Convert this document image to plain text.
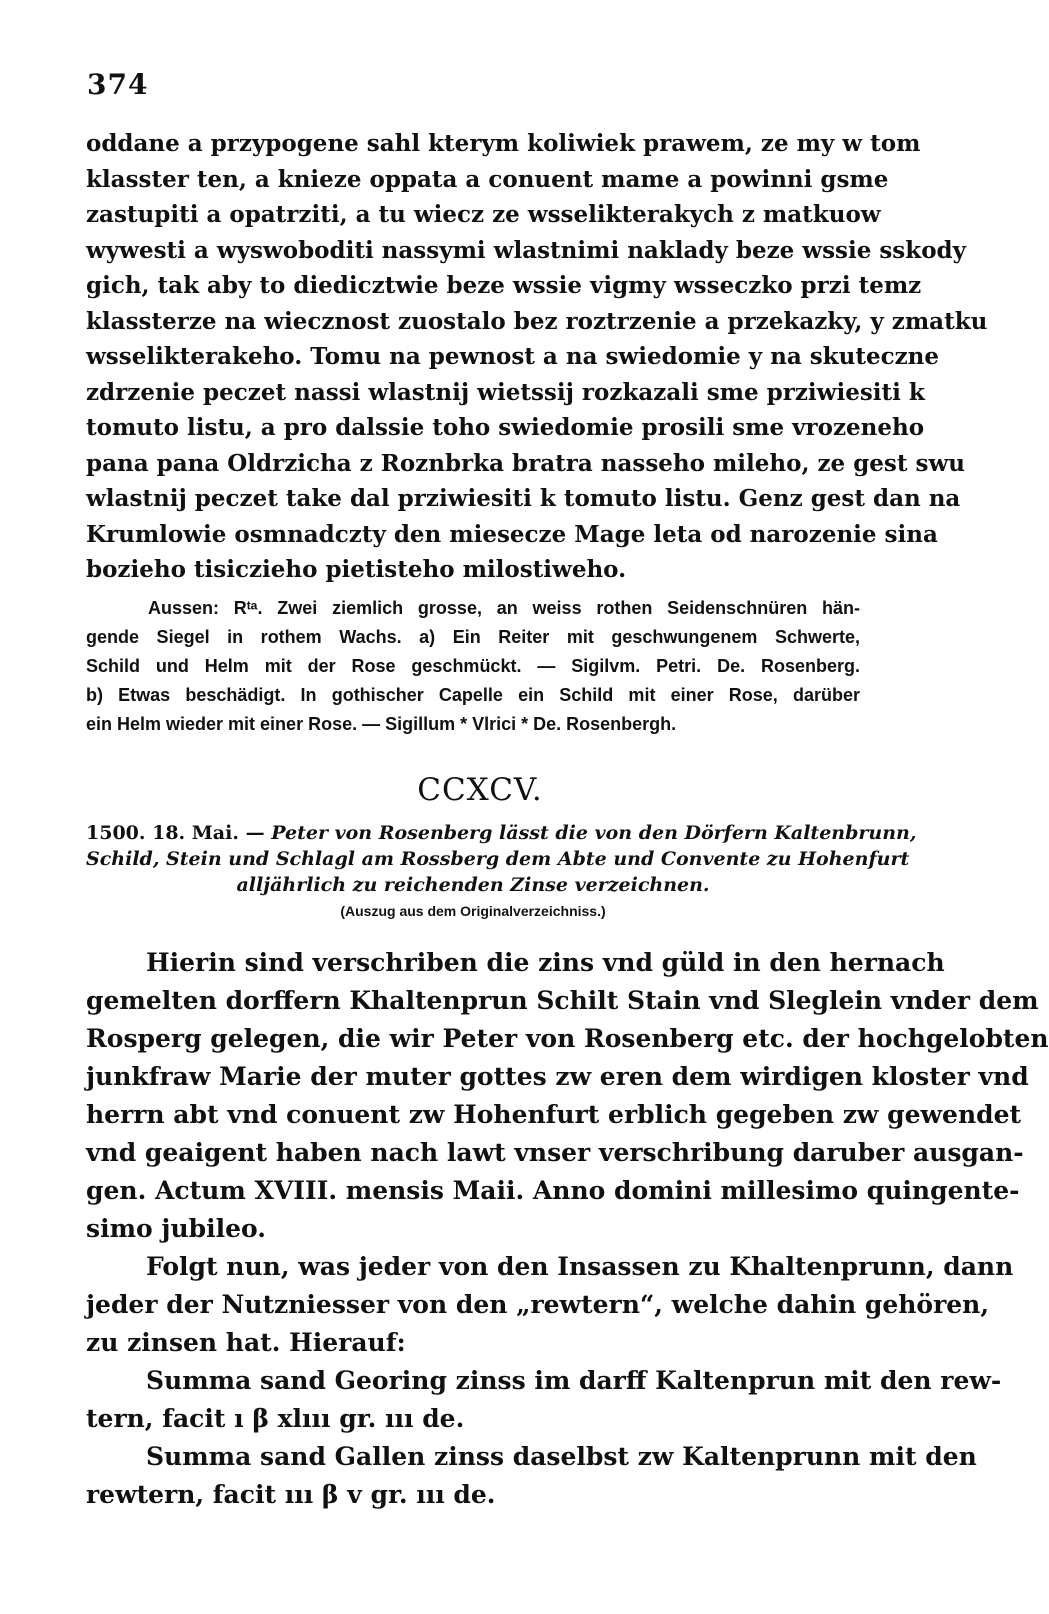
374
oddane a przypogene sahl kterym koliwiek prawem, ze my w tom
klasster ten, a knieze oppata a conuent mame a powinni gsme
zastupiti a opatrziti, a tu wiecz ze wsselikterakych z matkuow
wywesti a wyswoboditi nassymi wlastnimi naklady beze wssie sskody
gich, tak aby to diedicztwie beze wssie vigmy wsseczko przi temz
klassterze na wiecznost zuostalo bez roztrzenie a przekazky, y zmatku
wsselikterakeho. Tomu na pewnost a na swiedomie y na skuteczne
zdrzenie peczet nassi wlastnij wietssij rozkazali sme prziwiesiti k
tomuto listu, a pro dalssie toho swiedomie prosili sme vrozeneho
pana pana Oldrzicha z Roznbrka bratra nasseho mileho, ze gest swu
wlastnij peczet take dal prziwiesiti k tomuto listu. Genz gest dan na
Krumlowie osmnadczty den miesecze Mage leta od narozenie sina
bozieho tisiczieho pietisteho milostiweho.
Aussen: Rᵗᵃ. Zwei ziemlich grosse, an weiss rothen Seidenschnüren hän-
gende Siegel in rothem Wachs. a) Ein Reiter mit geschwungenem Schwerte,
Schild und Helm mit der Rose geschmückt. — Sigilvm. Petri. De. Rosenberg.
b) Etwas beschädigt. In gothischer Capelle ein Schild mit einer Rose, darüber
ein Helm wieder mit einer Rose. — Sigillum * Vlrici * De. Rosenbergh.
CCXCV.
1500. 18. Mai. — Peter von Rosenberg lässt die von den Dörfern Kaltenbrunn,
Schild, Stein und Schlagl am Rossberg dem Abte und Convente zu Hohenfurt
alljährlich zu reichenden Zinse verzeichnen.
(Auszug aus dem Originalverzeichniss.)
Hierin sind verschriben die zins vnd güld in den hernach
gemelten dorffern Khaltenprun Schilt Stain vnd Sleglein vnder dem
Rosperg gelegen, die wir Peter von Rosenberg etc. der hochgelobten
junkfraw Marie der muter gottes zw eren dem wirdigen kloster vnd
herrn abt vnd conuent zw Hohenfurt erblich gegeben zw gewendet
vnd geaigent haben nach lawt vnser verschribung daruber ausgan-
gen. Actum XVIII. mensis Maii. Anno domini millesimo quingente-
simo jubileo.
Folgt nun, was jeder von den Insassen zu Khaltenprunn, dann
jeder der Nutzniesser von den „rewtern“, welche dahin gehören,
zu zinsen hat. Hierauf:
Summa sand Georing zinss im darff Kaltenprun mit den rew-
tern, facit ı β xlııı gr. ııı de.
Summa sand Gallen zinss daselbst zw Kaltenprunn mit den
rewtern, facit ııı β v gr. ııı de.
